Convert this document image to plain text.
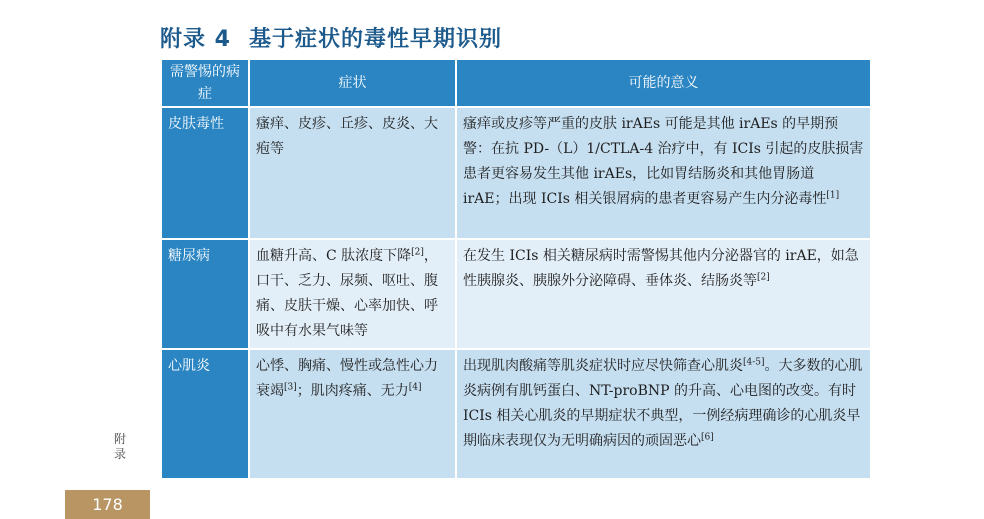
附录 4 基于症状的毒性早期识别
需警惕的病症	症状	可能的意义
皮肤毒性	瘙痒、皮疹、丘疹、皮炎、大疱等	瘙痒或皮疹等严重的皮肤 irAEs 可能是其他 irAEs 的早期预警：在抗 PD-（L）1/CTLA-4 治疗中，有 ICIs 引起的皮肤损害患者更容易发生其他 irAEs，比如胃结肠炎和其他胃肠道 irAE；出现 ICIs 相关银屑病的患者更容易产生内分泌毒性[1]
糖尿病	血糖升高、C 肽浓度下降[2]，口干、乏力、尿频、呕吐、腹痛、皮肤干燥、心率加快、呼吸中有水果气味等	在发生 ICIs 相关糖尿病时需警惕其他内分泌器官的 irAE，如急性胰腺炎、胰腺外分泌障碍、垂体炎、结肠炎等[2]
心肌炎	心悸、胸痛、慢性或急性心力衰竭[3]；肌肉疼痛、无力[4]	出现肌肉酸痛等肌炎症状时应尽快筛查心肌炎[4-5]。大多数的心肌炎病例有肌钙蛋白、NT-proBNP 的升高、心电图的改变。有时 ICIs 相关心肌炎的早期症状不典型，一例经病理确诊的心肌炎早期临床表现仅为无明确病因的顽固恶心[6]
附录
178
